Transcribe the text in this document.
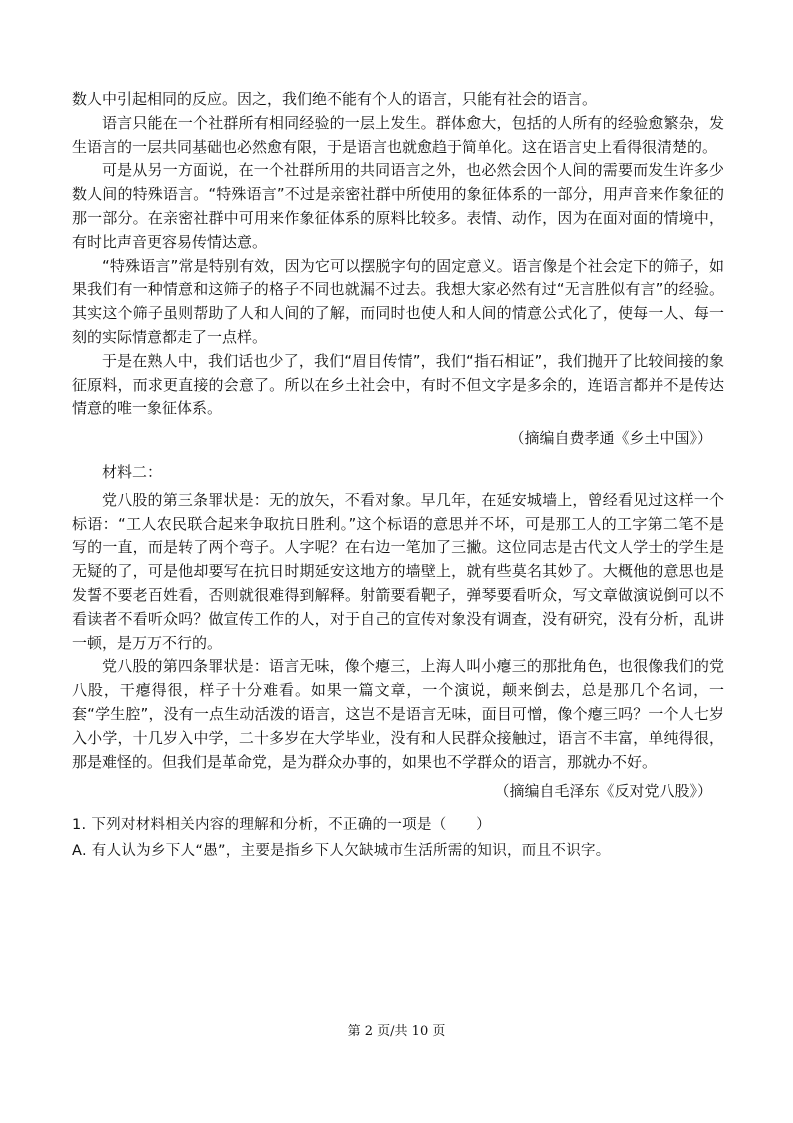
数人中引起相同的反应。因之，我们绝不能有个人的语言，只能有社会的语言。

语言只能在一个社群所有相同经验的一层上发生。群体愈大，包括的人所有的经验愈繁杂，发生语言的一层共同基础也必然愈有限，于是语言也就愈趋于简单化。这在语言史上看得很清楚的。

可是从另一方面说，在一个社群所用的共同语言之外，也必然会因个人间的需要而发生许多少数人间的特殊语言。“特殊语言”不过是亲密社群中所使用的象征体系的一部分，用声音来作象征的那一部分。在亲密社群中可用来作象征体系的原料比较多。表情、动作，因为在面对面的情境中，有时比声音更容易传情达意。

“特殊语言”常是特别有效，因为它可以摆脱字句的固定意义。语言像是个社会定下的筛子，如果我们有一种情意和这筛子的格子不同也就漏不过去。我想大家必然有过“无言胜似有言”的经验。其实这个筛子虽则帮助了人和人间的了解，而同时也使人和人间的情意公式化了，使每一人、每一刻的实际情意都走了一点样。

于是在熟人中，我们话也少了，我们“眉目传情”，我们“指石相证”，我们抛开了比较间接的象征原料，而求更直接的会意了。所以在乡土社会中，有时不但文字是多余的，连语言都并不是传达情意的唯一象征体系。

（摘编自费孝通《乡土中国》）

材料二：

党八股的第三条罪状是：无的放矢，不看对象。早几年，在延安城墙上，曾经看见过这样一个标语：“工人农民联合起来争取抗日胜利。”这个标语的意思并不坏，可是那工人的工字第二笔不是写的一直，而是转了两个弯子。人字呢？在右边一笔加了三撇。这位同志是古代文人学士的学生是无疑的了，可是他却要写在抗日时期延安这地方的墙壁上，就有些莫名其妙了。大概他的意思也是发誓不要老百姓看，否则就很难得到解释。射箭要看靶子，弹琴要看听众，写文章做演说倒可以不看读者不看听众吗？做宣传工作的人，对于自己的宣传对象没有调查，没有研究，没有分析，乱讲一顿，是万万不行的。

党八股的第四条罪状是：语言无味，像个瘪三，上海人叫小瘪三的那批角色，也很像我们的党八股，干瘪得很，样子十分难看。如果一篇文章，一个演说，颠来倒去，总是那几个名词，一套“学生腔”，没有一点生动活泼的语言，这岂不是语言无味，面目可憎，像个瘪三吗？一个人七岁入小学，十几岁入中学，二十多岁在大学毕业，没有和人民群众接触过，语言不丰富，单纯得很，那是难怪的。但我们是革命党，是为群众办事的，如果也不学群众的语言，那就办不好。

（摘编自毛泽东《反对党八股》）

1. 下列对材料相关内容的理解和分析，不正确的一项是（　　）

A. 有人认为乡下人“愚”，主要是指乡下人欠缺城市生活所需的知识，而且不识字。

第 2 页/共 10 页
